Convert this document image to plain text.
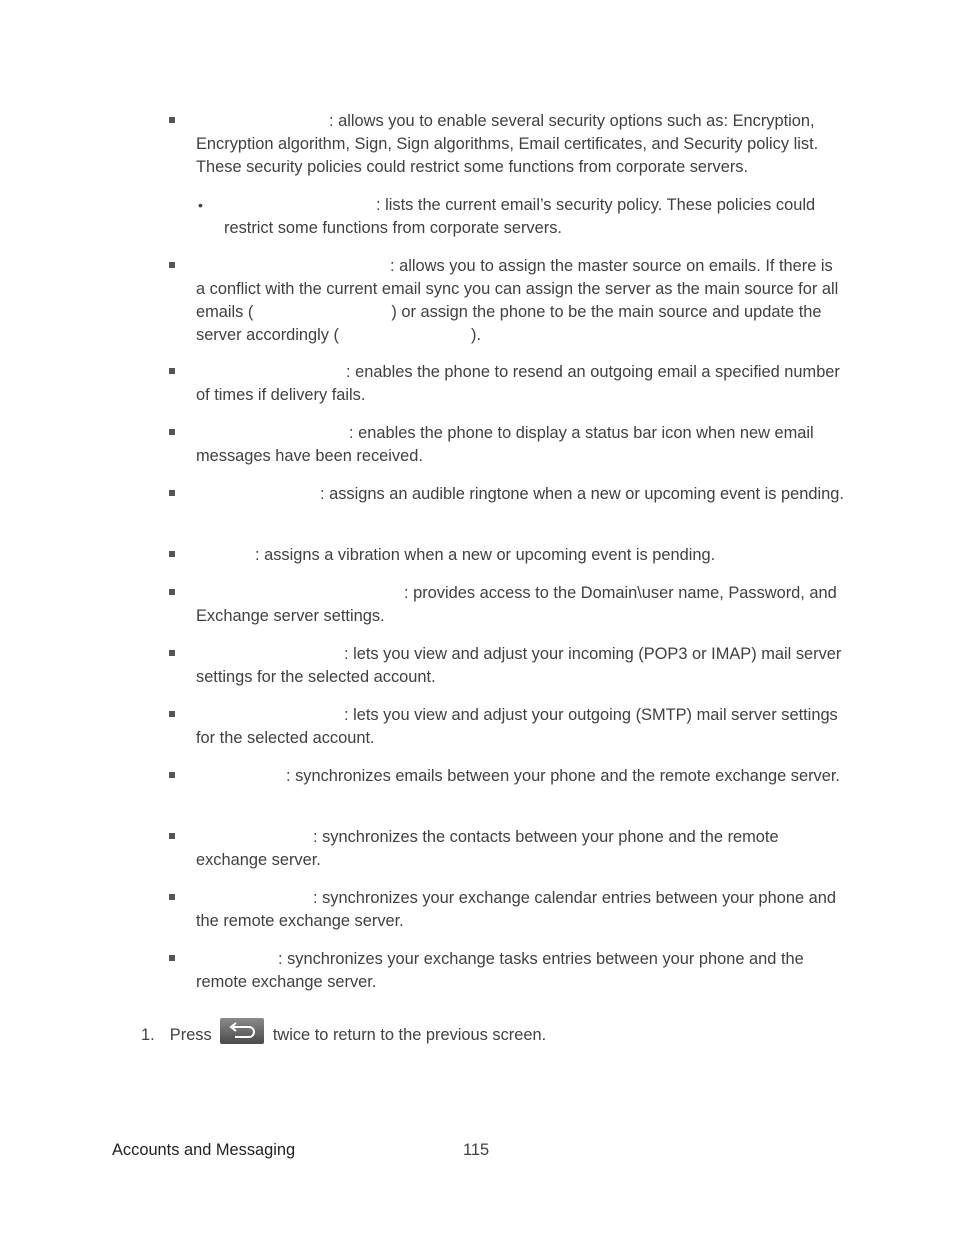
: allows you to enable several security options such as: Encryption, Encryption algorithm, Sign, Sign algorithms, Email certificates, and Security policy list. These security policies could restrict some functions from corporate servers.
•	: lists the current email’s security policy. These policies could restrict some functions from corporate servers.
: allows you to assign the master source on emails. If there is a conflict with the current email sync you can assign the server as the main source for all emails (	) or assign the phone to be the main source and update the server accordingly (	).
: enables the phone to resend an outgoing email a specified number of times if delivery fails.
: enables the phone to display a status bar icon when new email messages have been received.
: assigns an audible ringtone when a new or upcoming event is pending.
: assigns a vibration when a new or upcoming event is pending.
: provides access to the Domain\user name, Password, and Exchange server settings.
: lets you view and adjust your incoming (POP3 or IMAP) mail server settings for the selected account.
: lets you view and adjust your outgoing (SMTP) mail server settings for the selected account.
: synchronizes emails between your phone and the remote exchange server.
: synchronizes the contacts between your phone and the remote exchange server.
: synchronizes your exchange calendar entries between your phone and the remote exchange server.
: synchronizes your exchange tasks entries between your phone and the remote exchange server.
1. Press	twice to return to the previous screen.
Accounts and Messaging	115
